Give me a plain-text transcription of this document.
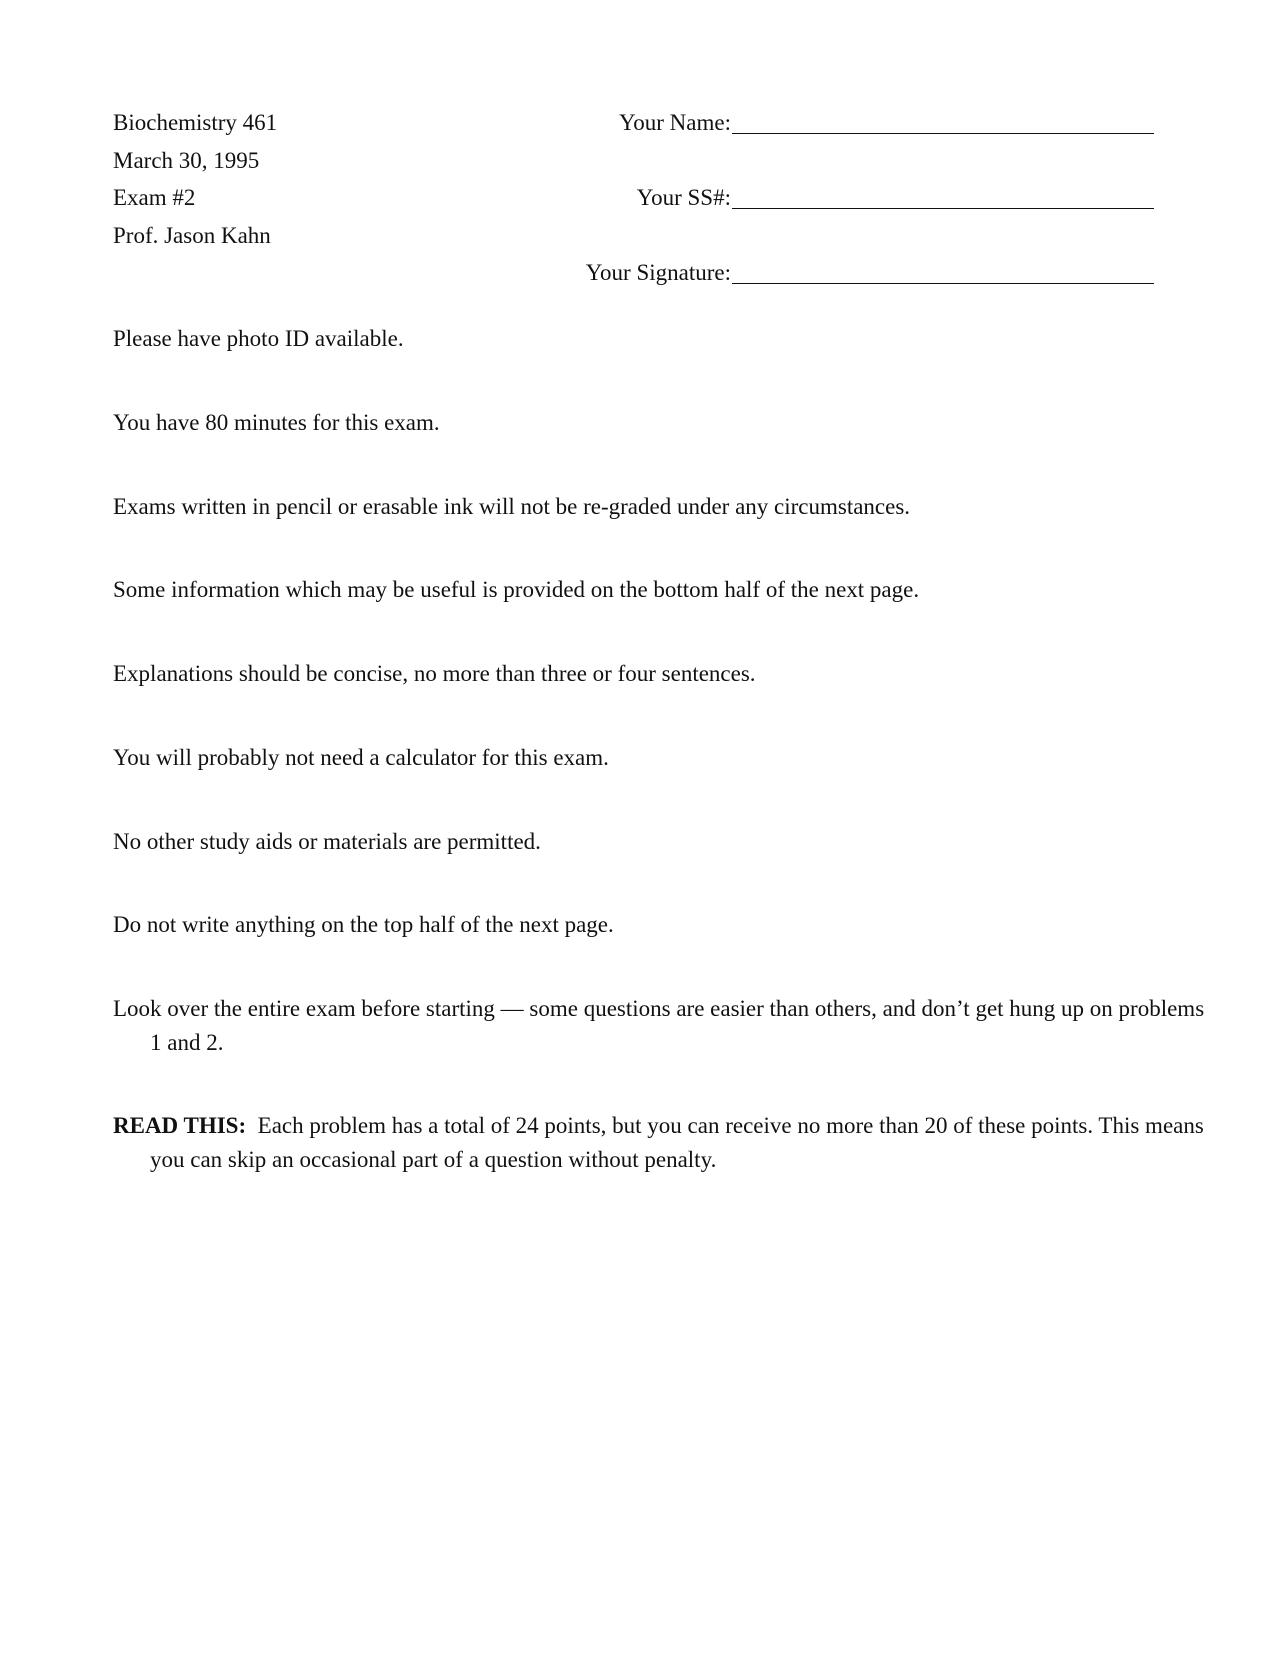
Biochemistry 461
March 30, 1995
Exam #2
Prof. Jason Kahn
Your Name:
Your SS#:
Your Signature:
Please have photo ID available.
You have 80 minutes for this exam.
Exams written in pencil or erasable ink will not be re-graded under any circumstances.
Some information which may be useful is provided on the bottom half of the next page.
Explanations should be concise, no more than three or four sentences.
You will probably not need a calculator for this exam.
No other study aids or materials are permitted.
Do not write anything on the top half of the next page.
Look over the entire exam before starting — some questions are easier than others, and don’t get hung up on problems 1 and 2.
READ THIS: Each problem has a total of 24 points, but you can receive no more than 20 of these points. This means you can skip an occasional part of a question without penalty.
